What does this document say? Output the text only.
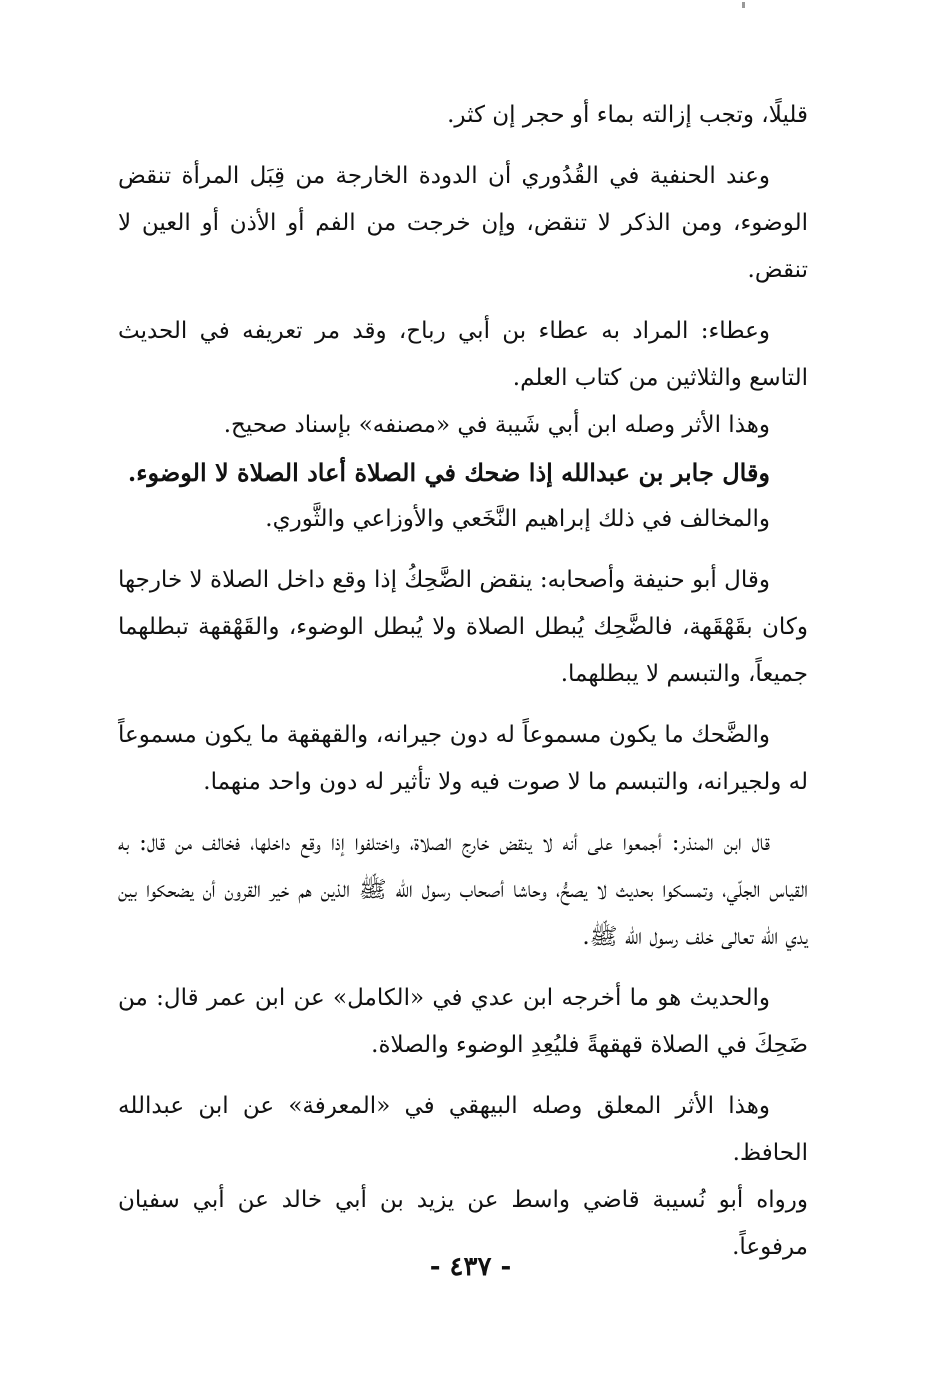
قليلًا، وتجب إزالته بماء أو حجر إن كثر.

وعند الحنفية في القُدُوري أن الدودة الخارجة من قِبَل المرأة تنقض الوضوء، ومن الذكر لا تنقض، وإن خرجت من الفم أو الأذن أو العين لا تنقض.

وعطاء: المراد به عطاء بن أبي رباح، وقد مر تعريفه في الحديث التاسع والثلاثين من كتاب العلم.

وهذا الأثر وصله ابن أبي شَيبة في «مصنفه» بإسناد صحيح.

وقال جابر بن عبدالله إذا ضحك في الصلاة أعاد الصلاة لا الوضوء.

والمخالف في ذلك إبراهيم النَّخَعي والأوزاعي والثَّوري.

وقال أبو حنيفة وأصحابه: ينقض الضَّحِكُ إذا وقع داخل الصلاة لا خارجها وكان بقَهْقَهة، فالضَّحِك يُبطل الصلاة ولا يُبطل الوضوء، والقَهْقهة تبطلهما جميعاً، والتبسم لا يبطلهما.

والضَّحك ما يكون مسموعاً له دون جيرانه، والقهقهة ما يكون مسموعاً له ولجيرانه، والتبسم ما لا صوت فيه ولا تأثير له دون واحد منهما.

قال ابن المنذر: أجمعوا على أنه لا ينقض خارج الصلاة، واختلفوا إذا وقع داخلها، فخالف من قال: به القياس الجلّي، وتمسكوا بحديث لا يصحُّ، وحاشا أصحاب رسول الله ﷺ الذين هم خير القرون أن يضحكوا بين يدي الله تعالى خلف رسول الله ﷺ.

والحديث هو ما أخرجه ابن عدي في «الكامل» عن ابن عمر قال: من ضَحِكَ في الصلاة قهقهةً فليُعِدِ الوضوء والصلاة.

وهذا الأثر المعلق وصله البيهقي في «المعرفة» عن ابن عبدالله الحافظ.

ورواه أبو نُسيبة قاضي واسط عن يزيد بن أبي خالد عن أبي سفيان مرفوعاً.

- ٤٣٧ -
